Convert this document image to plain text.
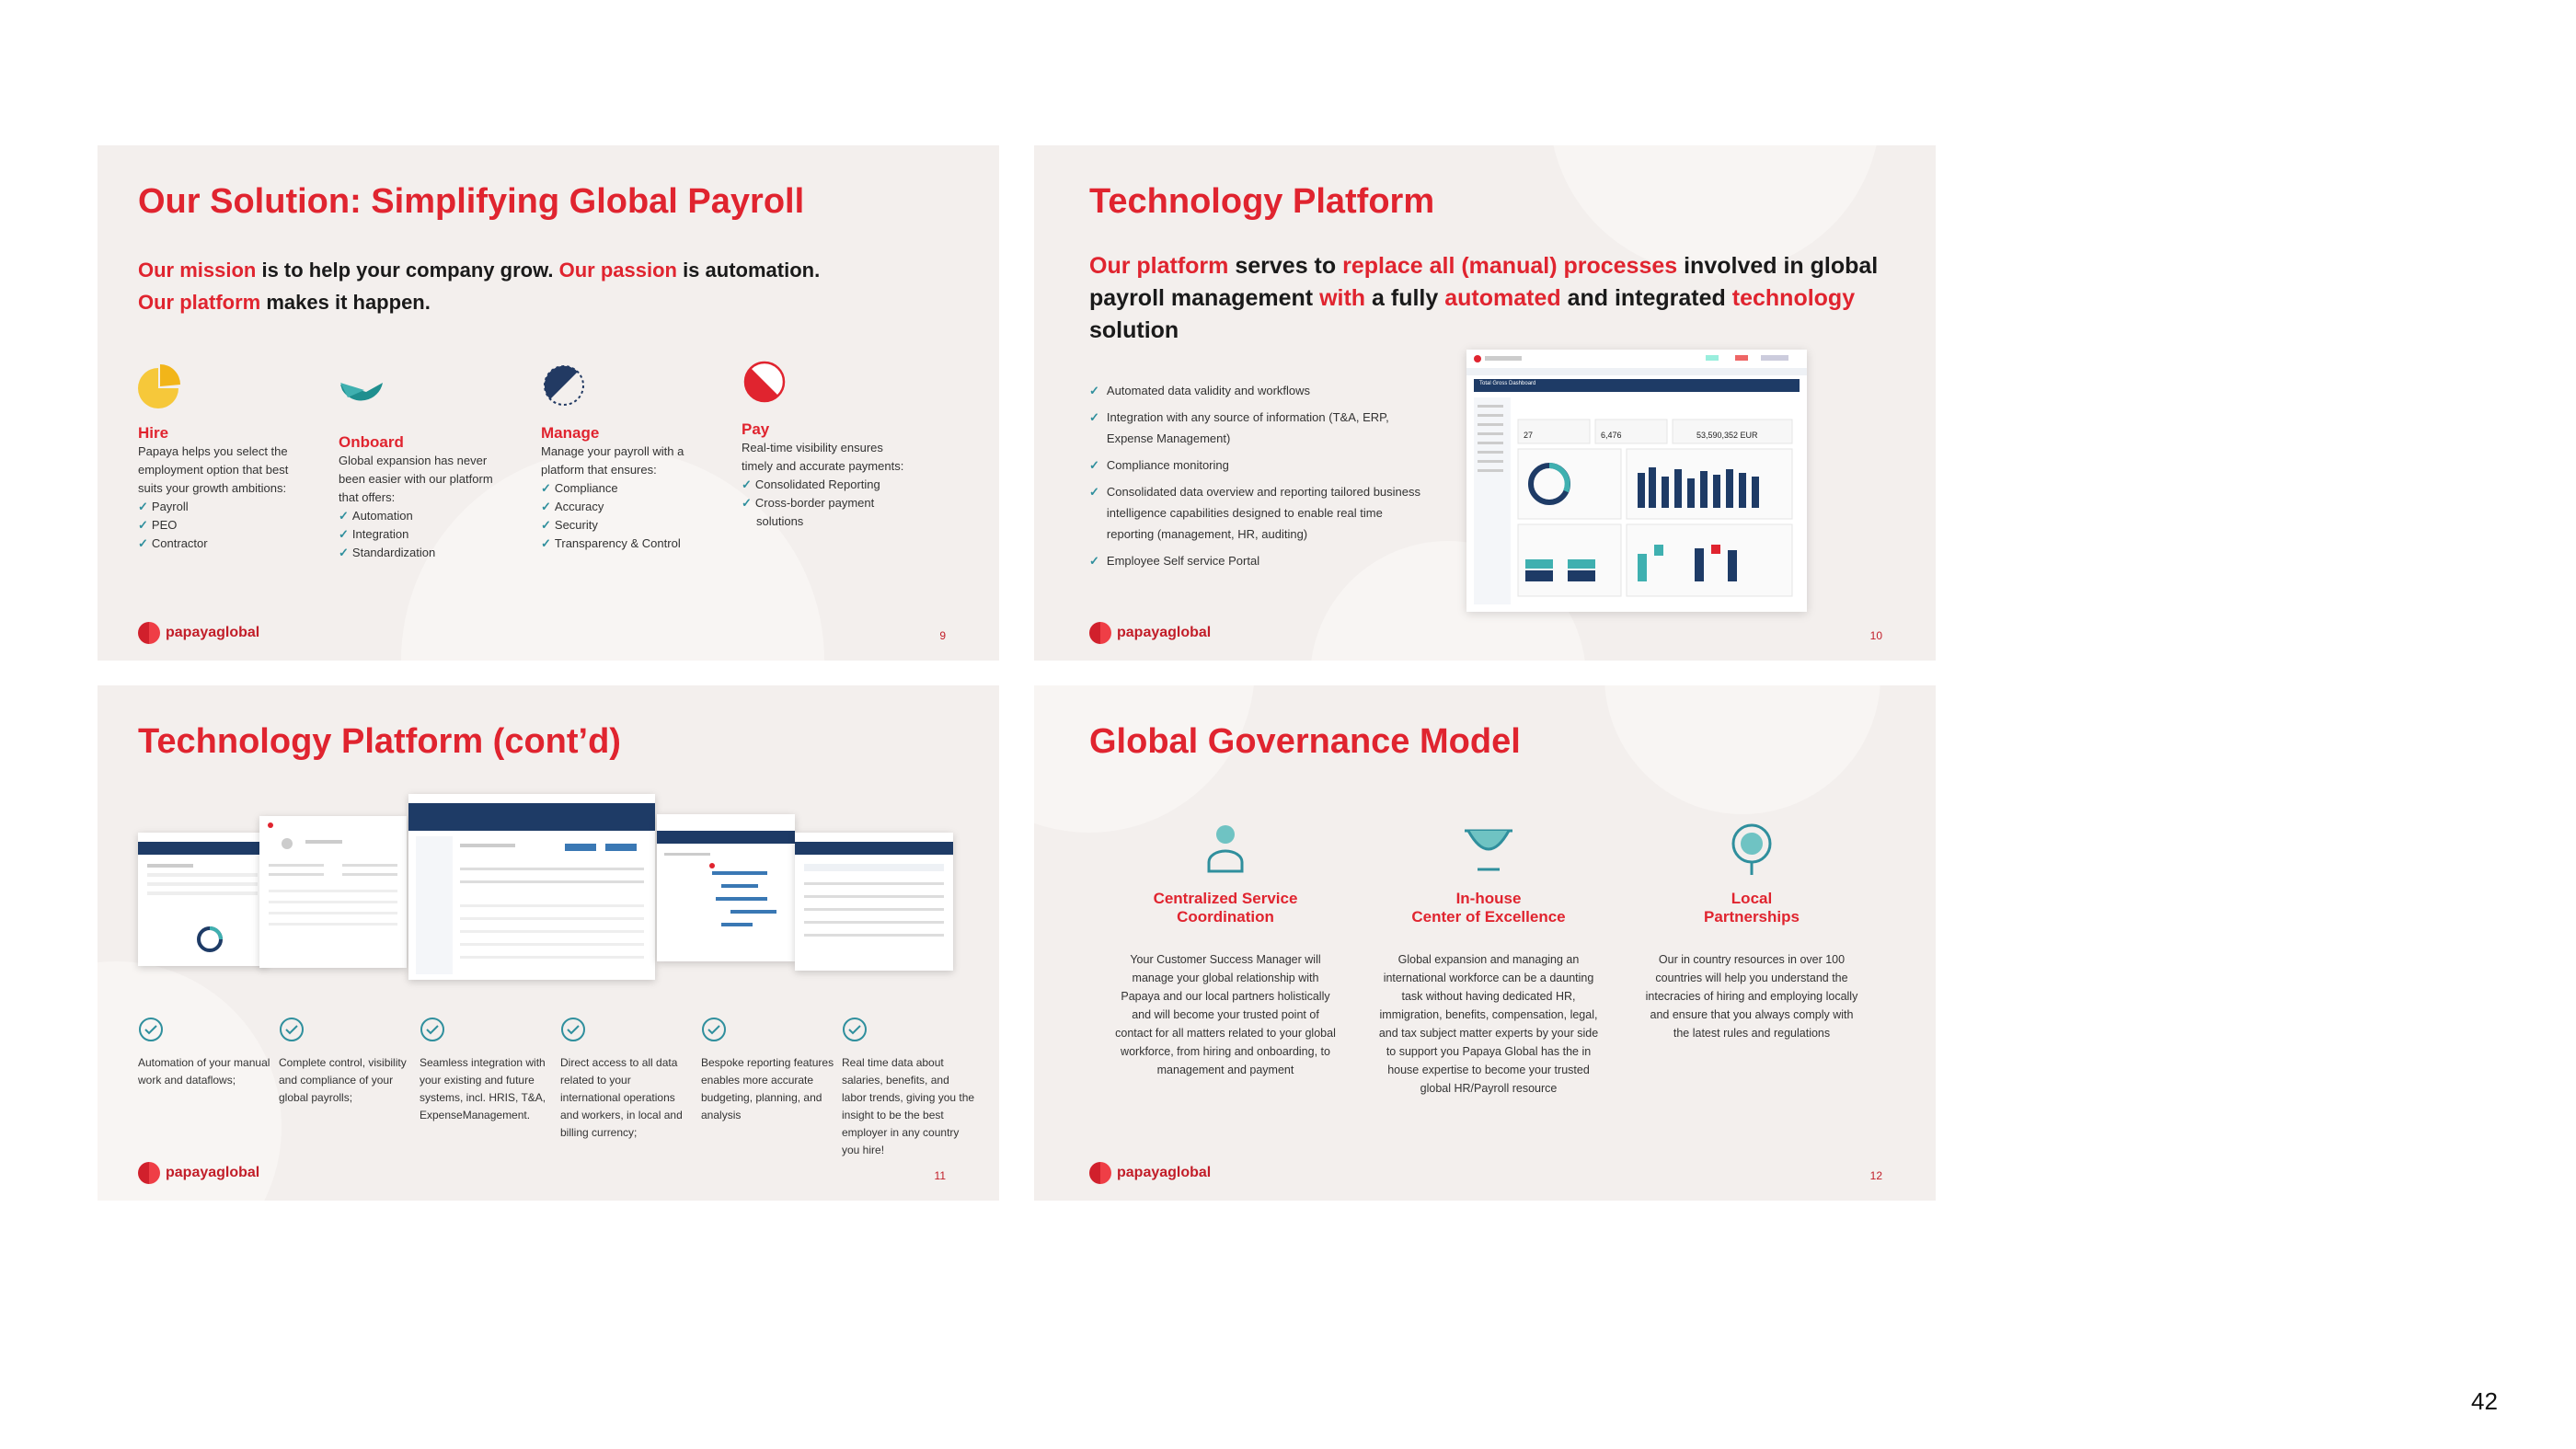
Our Solution: Simplifying Global Payroll
Our mission is to help your company grow. Our passion is automation.
Our platform makes it happen.
Hire
Papaya helps you select the employment option that best suits your growth ambitions:
✓ Payroll
✓ PEO
✓ Contractor
Onboard
Global expansion has never been easier with our platform that offers:
✓ Automation
✓ Integration
✓ Standardization
Manage
Manage your payroll with a platform that ensures:
✓ Compliance
✓ Accuracy
✓ Security
✓ Transparency & Control
Pay
Real-time visibility ensures timely and accurate payments:
✓ Consolidated Reporting
✓ Cross-border payment
solutions
papayaglobal	9
Technology Platform
Our platform serves to replace all (manual) processes involved in global payroll management with a fully automated and integrated technology solution
✓ Automated data validity and workflows
✓ Integration with any source of information (T&A, ERP, Expense Management)
✓ Compliance monitoring
✓ Consolidated data overview and reporting tailored business intelligence capabilities designed to enable real time reporting (management, HR, auditing)
✓ Employee Self service Portal
Total Gross Dashboard
27	6,476	53,590,352 EUR
papayaglobal	10
Technology Platform (cont’d)
Automation of your manual work and dataflows;
Complete control, visibility and compliance of your global payrolls;
Seamless integration with your existing and future systems, incl. HRIS, T&A, ExpenseManagement.
Direct access to all data related to your international operations and workers, in local and billing currency;
Bespoke reporting features enables more accurate budgeting, planning, and analysis
Real time data about salaries, benefits, and labor trends, giving you the insight to be the best employer in any country you hire!
papayaglobal	11
Global Governance Model
Centralized Service
Coordination
Your Customer Success Manager will manage your global relationship with Papaya and our local partners holistically and will become your trusted point of contact for all matters related to your global workforce, from hiring and onboarding, to management and payment
In-house
Center of Excellence
Global expansion and managing an international workforce can be a daunting task without having dedicated HR, immigration, benefits, compensation, legal, and tax subject matter experts by your side to support you Papaya Global has the in house expertise to become your trusted global HR/Payroll resource
Local
Partnerships
Our in country resources in over 100 countries will help you understand the intecracies of hiring and employing locally and ensure that you always comply with the latest rules and regulations
papayaglobal	12
42
